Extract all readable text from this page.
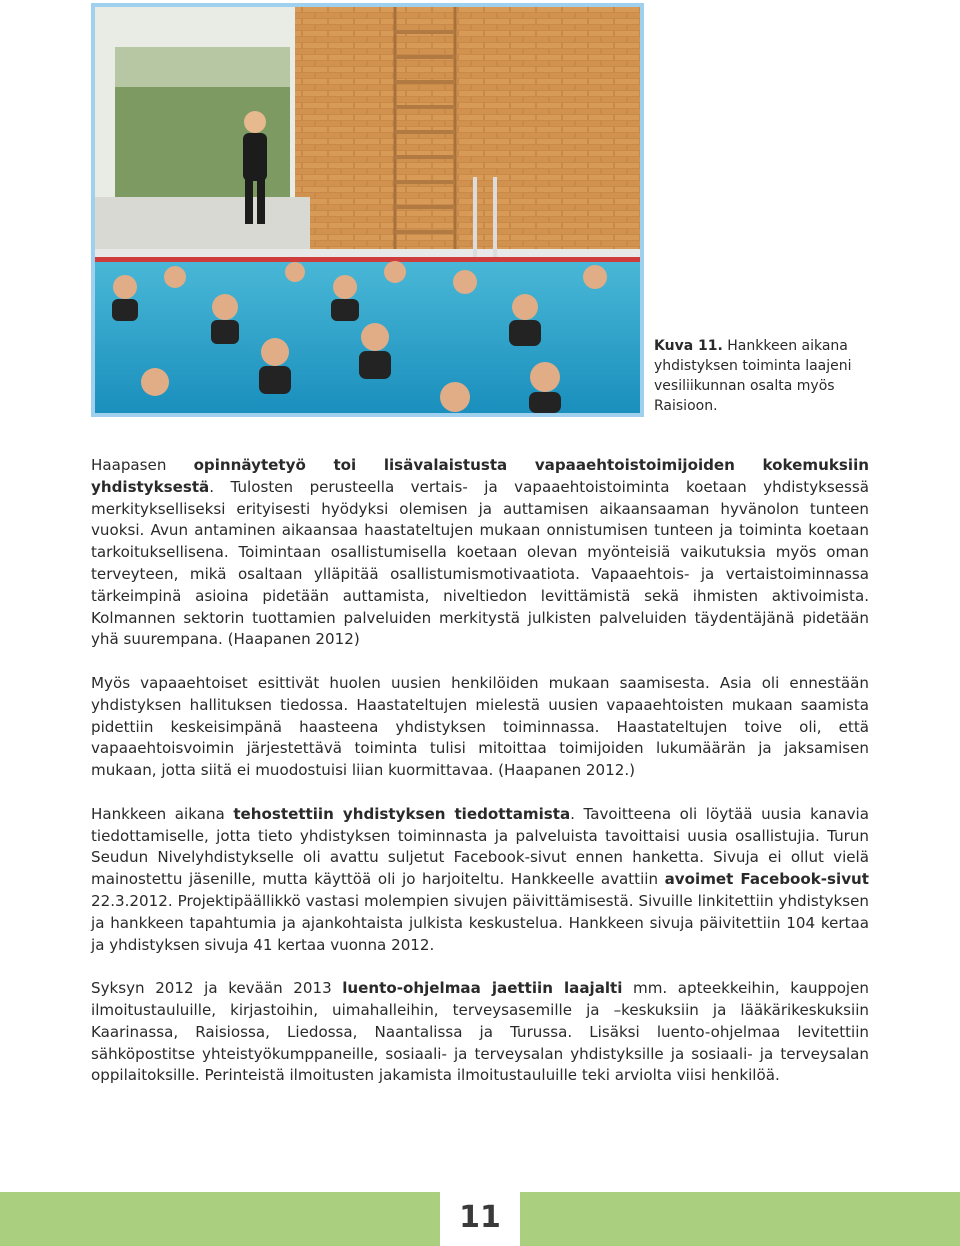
Kuva 11. Hankkeen aikana yhdistyksen toiminta laajeni vesiliikunnan osalta myös Raisioon.

Haapasen opinnäytetyö toi lisävalaistusta vapaaehtoistoimijoiden kokemuksiin yhdistyksestä. Tulosten perusteella vertais- ja vapaaehtoistoiminta koetaan yhdistyksessä merkitykselliseksi erityisesti hyödyksi olemisen ja auttamisen aikaansaaman hyvänolon tunteen vuoksi. Avun antaminen aikaansaa haastateltujen mukaan onnistumisen tunteen ja toiminta koetaan tarkoituksellisena. Toimintaan osallistumisella koetaan olevan myönteisiä vaikutuksia myös oman terveyteen, mikä osaltaan ylläpitää osallistumismotivaatiota. Vapaaehtois- ja vertaistoiminnassa tärkeimpinä asioina pidetään auttamista, niveltiedon levittämistä sekä ihmisten aktivoimista. Kolmannen sektorin tuottamien palveluiden merkitystä julkisten palveluiden täydentäjänä pidetään yhä suurempana. (Haapanen 2012)

Myös vapaaehtoiset esittivät huolen uusien henkilöiden mukaan saamisesta. Asia oli ennestään yhdistyksen hallituksen tiedossa. Haastateltujen mielestä uusien vapaaehtoisten mukaan saamista pidettiin keskeisimpänä haasteena yhdistyksen toiminnassa. Haastateltujen toive oli, että vapaaehtoisvoimin järjestettävä toiminta tulisi mitoittaa toimijoiden lukumäärän ja jaksamisen mukaan, jotta siitä ei muodostuisi liian kuormittavaa. (Haapanen 2012.)

Hankkeen aikana tehostettiin yhdistyksen tiedottamista. Tavoitteena oli löytää uusia kanavia tiedottamiselle, jotta tieto yhdistyksen toiminnasta ja palveluista tavoittaisi uusia osallistujia. Turun Seudun Nivelyhdistykselle oli avattu suljetut Facebook-sivut ennen hanketta. Sivuja ei ollut vielä mainostettu jäsenille, mutta käyttöä oli jo harjoiteltu. Hankkeelle avattiin avoimet Facebook-sivut 22.3.2012. Projektipäällikkö vastasi molempien sivujen päivittämisestä. Sivuille linkitettiin yhdistyksen ja hankkeen tapahtumia ja ajankohtaista julkista keskustelua. Hankkeen sivuja päivitettiin 104 kertaa ja yhdistyksen sivuja 41 kertaa vuonna 2012.

Syksyn 2012 ja kevään 2013 luento-ohjelmaa jaettiin laajalti mm. apteekkeihin, kauppojen ilmoitustauluille, kirjastoihin, uimahalleihin, terveysasemille ja –keskuksiin ja lääkärikeskuksiin Kaarinassa, Raisiossa, Liedossa, Naantalissa ja Turussa. Lisäksi luento-ohjelmaa levitettiin sähköpostitse yhteistyökumppaneille, sosiaali- ja terveysalan yhdistyksille ja sosiaali- ja terveysalan oppilaitoksille. Perinteistä ilmoitusten jakamista ilmoitustauluille teki arviolta viisi henkilöä.

11
